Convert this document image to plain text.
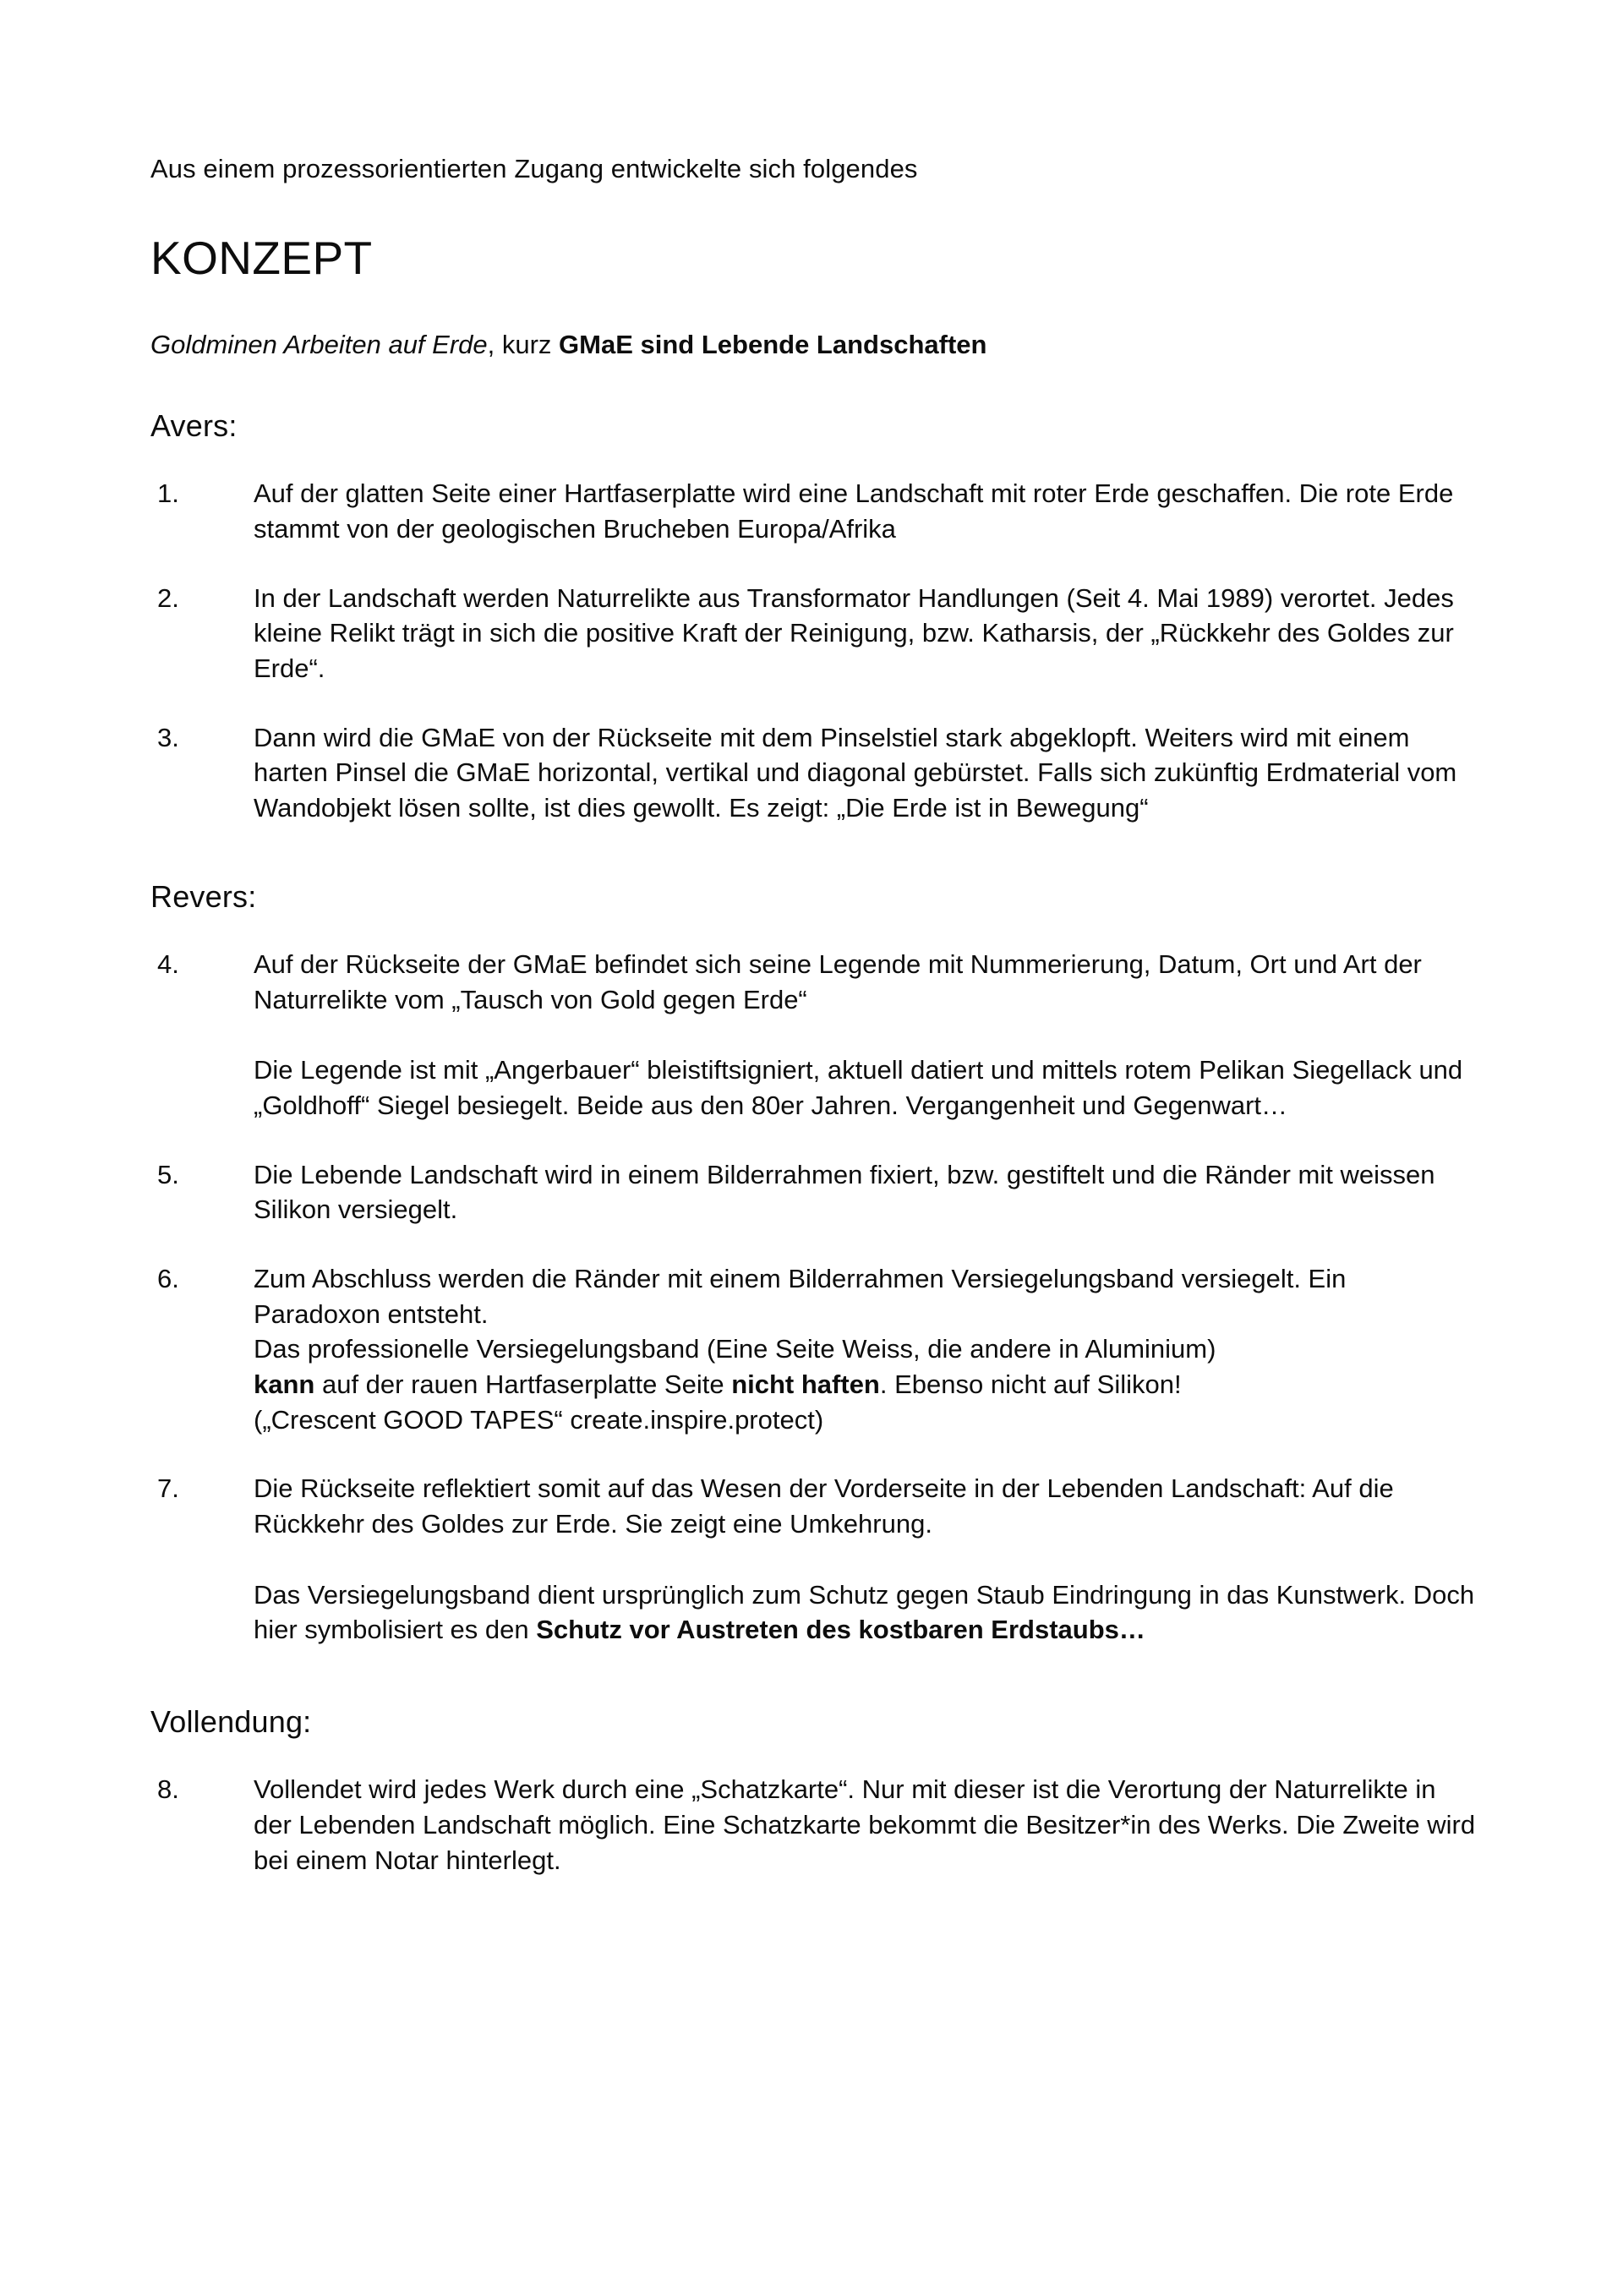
Aus einem prozessorientierten Zugang entwickelte sich folgendes

KONZEPT

Goldminen Arbeiten auf Erde, kurz GMaE sind Lebende Landschaften

Avers:
1.	Auf der glatten Seite einer Hartfaserplatte wird eine Landschaft mit roter Erde geschaffen. Die rote Erde stammt von der geologischen Brucheben Europa/Afrika

2.	In der Landschaft werden Naturrelikte aus Transformator Handlungen (Seit 4. Mai 1989) verortet. Jedes kleine Relikt trägt in sich die positive Kraft der Reinigung, bzw. Katharsis, der „Rückkehr des Goldes zur Erde“.

3.	Dann wird die GMaE von der Rückseite mit dem Pinselstiel stark abgeklopft. Weiters wird mit einem harten Pinsel die GMaE horizontal, vertikal und diagonal gebürstet. Falls sich zukünftig Erdmaterial vom Wandobjekt lösen sollte, ist dies gewollt. Es zeigt: „Die Erde ist in Bewegung“

Revers:
4.	Auf der Rückseite der GMaE befindet sich seine Legende mit Nummerierung, Datum, Ort und Art der Naturrelikte vom „Tausch von Gold gegen Erde“

Die Legende ist mit „Angerbauer“ bleistiftsigniert, aktuell datiert und mittels rotem Pelikan Siegellack und „Goldhoff“ Siegel besiegelt. Beide aus den 80er Jahren. Vergangenheit und Gegenwart…

5.	Die Lebende Landschaft wird in einem Bilderrahmen fixiert, bzw. gestiftelt und die Ränder mit weissen Silikon versiegelt.

6.	Zum Abschluss werden die Ränder mit einem Bilderrahmen Versiegelungsband versiegelt. Ein Paradoxon entsteht.
Das professionelle Versiegelungsband (Eine Seite Weiss, die andere in Aluminium)
kann auf der rauen Hartfaserplatte Seite nicht haften. Ebenso nicht auf Silikon!
(„Crescent GOOD TAPES“ create.inspire.protect)

7.	Die Rückseite reflektiert somit auf das Wesen der Vorderseite in der Lebenden Landschaft: Auf die Rückkehr des Goldes zur Erde. Sie zeigt eine Umkehrung.

Das Versiegelungsband dient ursprünglich zum Schutz gegen Staub Eindringung in das Kunstwerk. Doch hier symbolisiert es den Schutz vor Austreten des kostbaren Erdstaubs…

Vollendung:
8.	Vollendet wird jedes Werk durch eine „Schatzkarte“. Nur mit dieser ist die Verortung der Naturrelikte in der Lebenden Landschaft möglich. Eine Schatzkarte bekommt die Besitzer*in des Werks. Die Zweite wird bei einem Notar hinterlegt.
